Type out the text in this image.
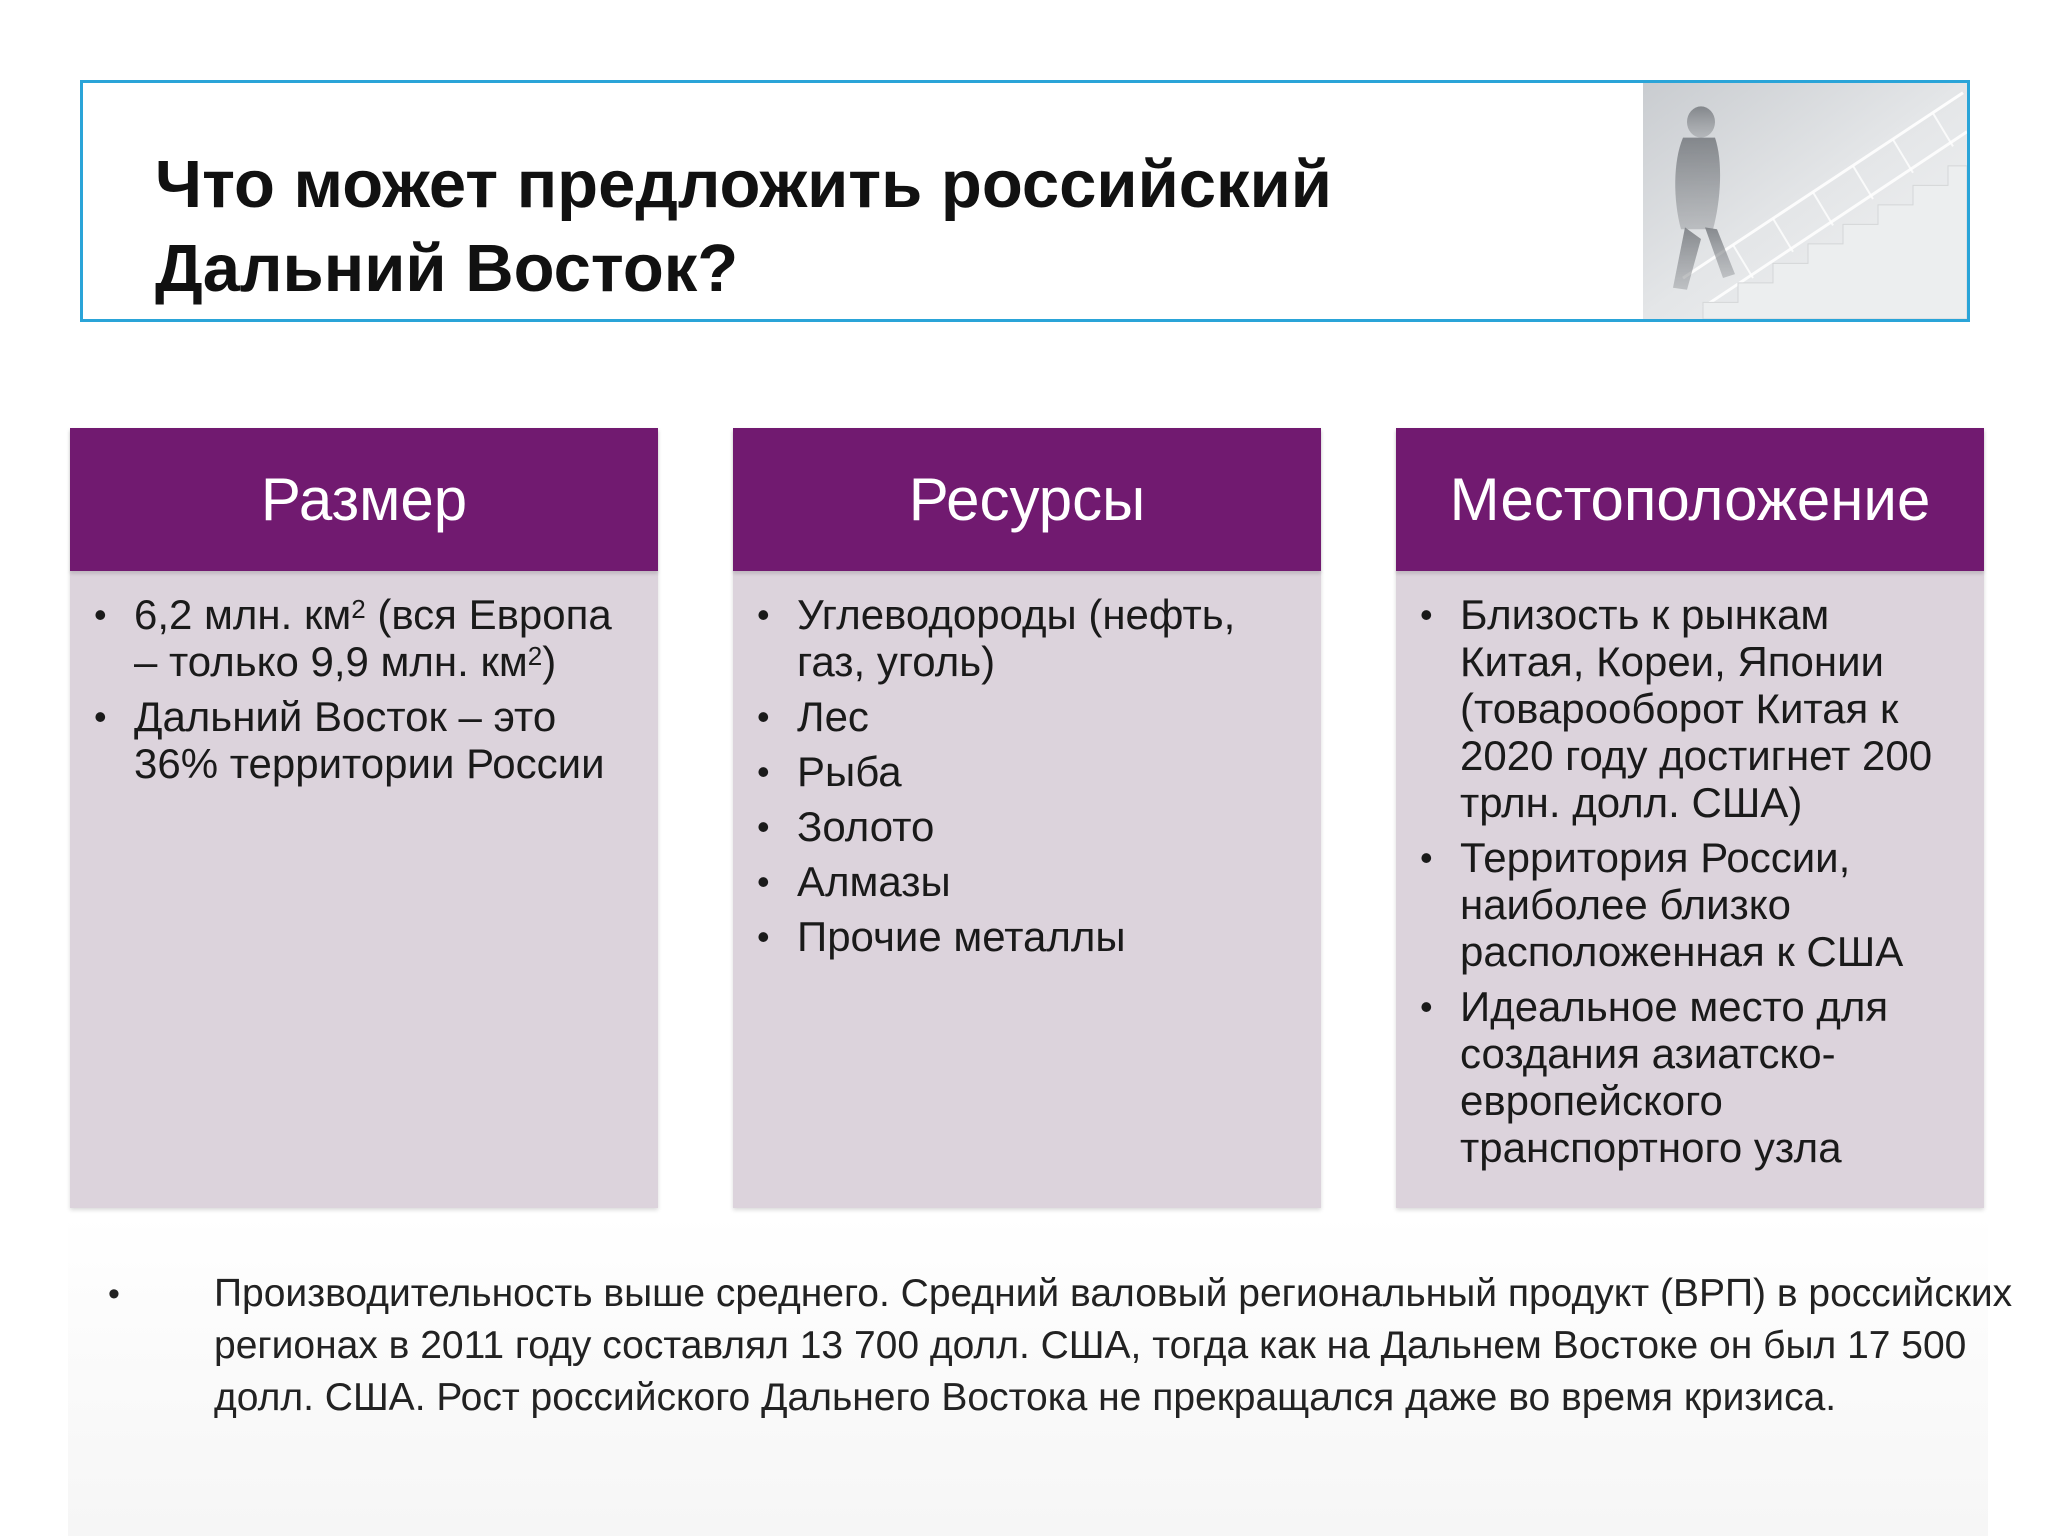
Что может предложить российский
Дальний Восток?
Размер
• 6,2 млн. $км^2$ (вся Европа – только 9,9 млн. $км^2$)
• Дальний Восток – это 36% территории России
Ресурсы
• Углеводороды (нефть, газ, уголь)
• Лес
• Рыба
• Золото
• Алмазы
• Прочие металлы
Местоположение
• Близость к рынкам Китая, Кореи, Японии (товарооборот Китая к 2020 году достигнет 200 трлн. долл. США)
• Территория России, наиболее близко расположенная к США
• Идеальное место для создания азиатско-европейского транспортного узла
• Производительность выше среднего. Средний валовый региональный продукт (ВРП) в российских регионах в 2011 году составлял 13 700 долл. США, тогда как на Дальнем Востоке он был 17 500 долл. США. Рост российского Дальнего Востока не прекращался даже во время кризиса.
